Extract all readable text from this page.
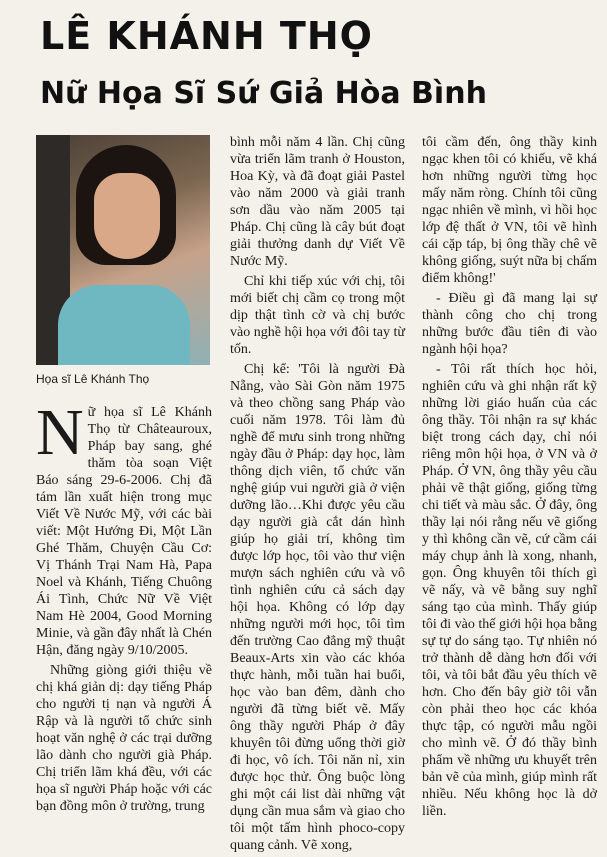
LÊ KHÁNH THỌ
Nữ Họa Sĩ Sứ Giả Hòa Bình
Họa sĩ Lê Khánh Thọ

Nữ họa sĩ Lê Khánh Thọ từ Châteauroux, Pháp bay sang, ghé thăm tòa soạn Việt Báo sáng 29-6-2006. Chị đã tám lần xuất hiện trong mục Viết Về Nước Mỹ, với các bài viết: Một Hướng Đi, Một Lần Ghé Thăm, Chuyện Cầu Cơ: Vị Thánh Trại Nam Hà, Papa Noel và Khánh, Tiếng Chuông Ái Tình, Chức Nữ Về Việt Nam Hè 2004, Good Morning Minie, và gần đây nhất là Chén Hận, đăng ngày 9/10/2005.

Những giòng giới thiệu về chị khá giản dị: dạy tiếng Pháp cho người tị nạn và người Á Rập và là người tổ chức sinh hoạt văn nghệ ở các trại dưỡng lão dành cho người già Pháp. Chị triển lãm khá đều, với các họa sĩ người Pháp hoặc với các bạn đồng môn ở trường, trung

bình mỗi năm 4 lần. Chị cũng vừa triển lãm tranh ở Houston, Hoa Kỳ, và đã đoạt giải Pastel vào năm 2000 và giải tranh sơn dầu vào năm 2005 tại Pháp. Chị cũng là cây bút đoạt giải thưởng danh dự Viết Về Nước Mỹ.

Chỉ khi tiếp xúc với chị, tôi mới biết chị cầm cọ trong một dịp thật tình cờ và chị bước vào nghề hội họa với đôi tay từ tốn.

Chị kể: 'Tôi là người Đà Nẵng, vào Sài Gòn năm 1975 và theo chồng sang Pháp vào cuối năm 1978. Tôi làm đủ nghề để mưu sinh trong những ngày đầu ở Pháp: dạy học, làm thông dịch viên, tổ chức văn nghệ giúp vui người già ở viện dưỡng lão…Khi được yêu cầu dạy người già cắt dán hình giúp họ giải trí, không tìm được lớp học, tôi vào thư viện mượn sách nghiên cứu và vô tình nghiên cứu cả sách dạy hội họa. Không có lớp dạy những người mới học, tôi tìm đến trường Cao đẳng mỹ thuật Beaux-Arts xin vào các khóa thực hành, mỗi tuần hai buổi, học vào ban đêm, dành cho người đã từng biết vẽ. Mấy ông thầy người Pháp ở đây khuyên tôi đừng uổng thời giờ đi học, vô ích. Tôi năn nỉ, xin được học thử. Ông buộc lòng ghi một cái list dài những vật dụng cần mua sắm và giao cho tôi một tấm hình phoco-copy quang cảnh. Vẽ xong,

tôi cầm đến, ông thầy kinh ngạc khen tôi có khiếu, vẽ khá hơn những người từng học mấy năm ròng. Chính tôi cũng ngạc nhiên về mình, vì hồi học lớp đệ thất ở VN, tôi vẽ hình cái cặp táp, bị ông thầy chê vẽ không giống, suýt nữa bị chấm điểm không!'

- Điều gì đã mang lại sự thành công cho chị trong những bước đầu tiên đi vào ngành hội họa?

- Tôi rất thích học hỏi, nghiên cứu và ghi nhận rất kỹ những lời giáo huấn của các ông thầy. Tôi nhận ra sự khác biệt trong cách dạy, chỉ nói riêng môn hội họa, ở VN và ở Pháp. Ở VN, ông thầy yêu cầu phải vẽ thật giống, giống từng chi tiết và màu sắc. Ở đây, ông thầy lại nói rằng nếu vẽ giống y thì không cần vẽ, cứ cầm cái máy chụp ảnh là xong, nhanh, gọn. Ông khuyên tôi thích gì vẽ nấy, và vẽ bằng suy nghĩ sáng tạo của mình. Thấy giúp tôi đi vào thế giới hội họa bằng sự tự do sáng tạo. Tự nhiên nó trở thành dễ dàng hơn đối với tôi, và tôi bắt đầu yêu thích vẽ hơn. Cho đến bây giờ tôi vẫn còn phải theo học các khóa thực tập, có người mẫu ngồi cho mình vẽ. Ở đó thầy bình phẩm về những ưu khuyết trên bản vẽ của mình, giúp mình rất nhiều. Nếu không học là dở liền.
